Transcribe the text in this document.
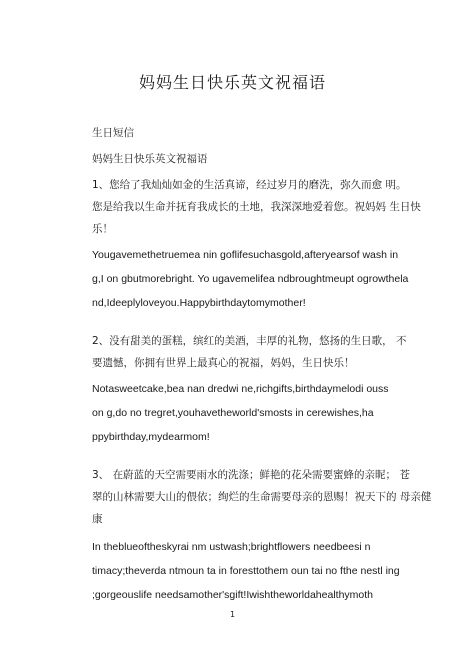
妈妈生日快乐英文祝福语
生日短信
妈妈生日快乐英文祝福语
1、您给了我灿灿如金的生活真谛，经过岁月的磨洗，弥久而愈 明。
您是给我以生命并抚育我成长的土地，我深深地爱着您。祝妈妈 生日快
乐！
Yougavemethetruemea nin goflifesuchasgold,afteryearsof wash in
g,I on gbutmorebright. Yo ugavemelifea ndbroughtmeupt ogrowthela
nd,Ideeplyloveyou.Happybirthdaytomymother!
2、没有甜美的蛋糕，缤红的美酒，丰厚的礼物，悠扬的生日歌， 不
要遗憾，你拥有世界上最真心的祝福，妈妈，生日快乐！
Notasweetcake,bea nan dredwi ne,richgifts,birthdaymelodi ouss
on g,do no tregret,youhavetheworld'smosts in cerewishes,ha
ppybirthday,mydearmom!
3、 在蔚蓝的天空需要雨水的洗涤；鲜艳的花朵需要蜜蜂的亲昵； 苍
翠的山林需要大山的偎依；绚烂的生命需要母亲的恩赐！祝天下的 母亲健
康
In theblueoftheskyrai nm ustwash;brightflowers needbeesi n
timacy;theverda ntmoun ta in foresttothem oun tai no fthe nestl ing
;gorgeouslife needsamother'sgift!Iwishtheworldahealthymoth
1
